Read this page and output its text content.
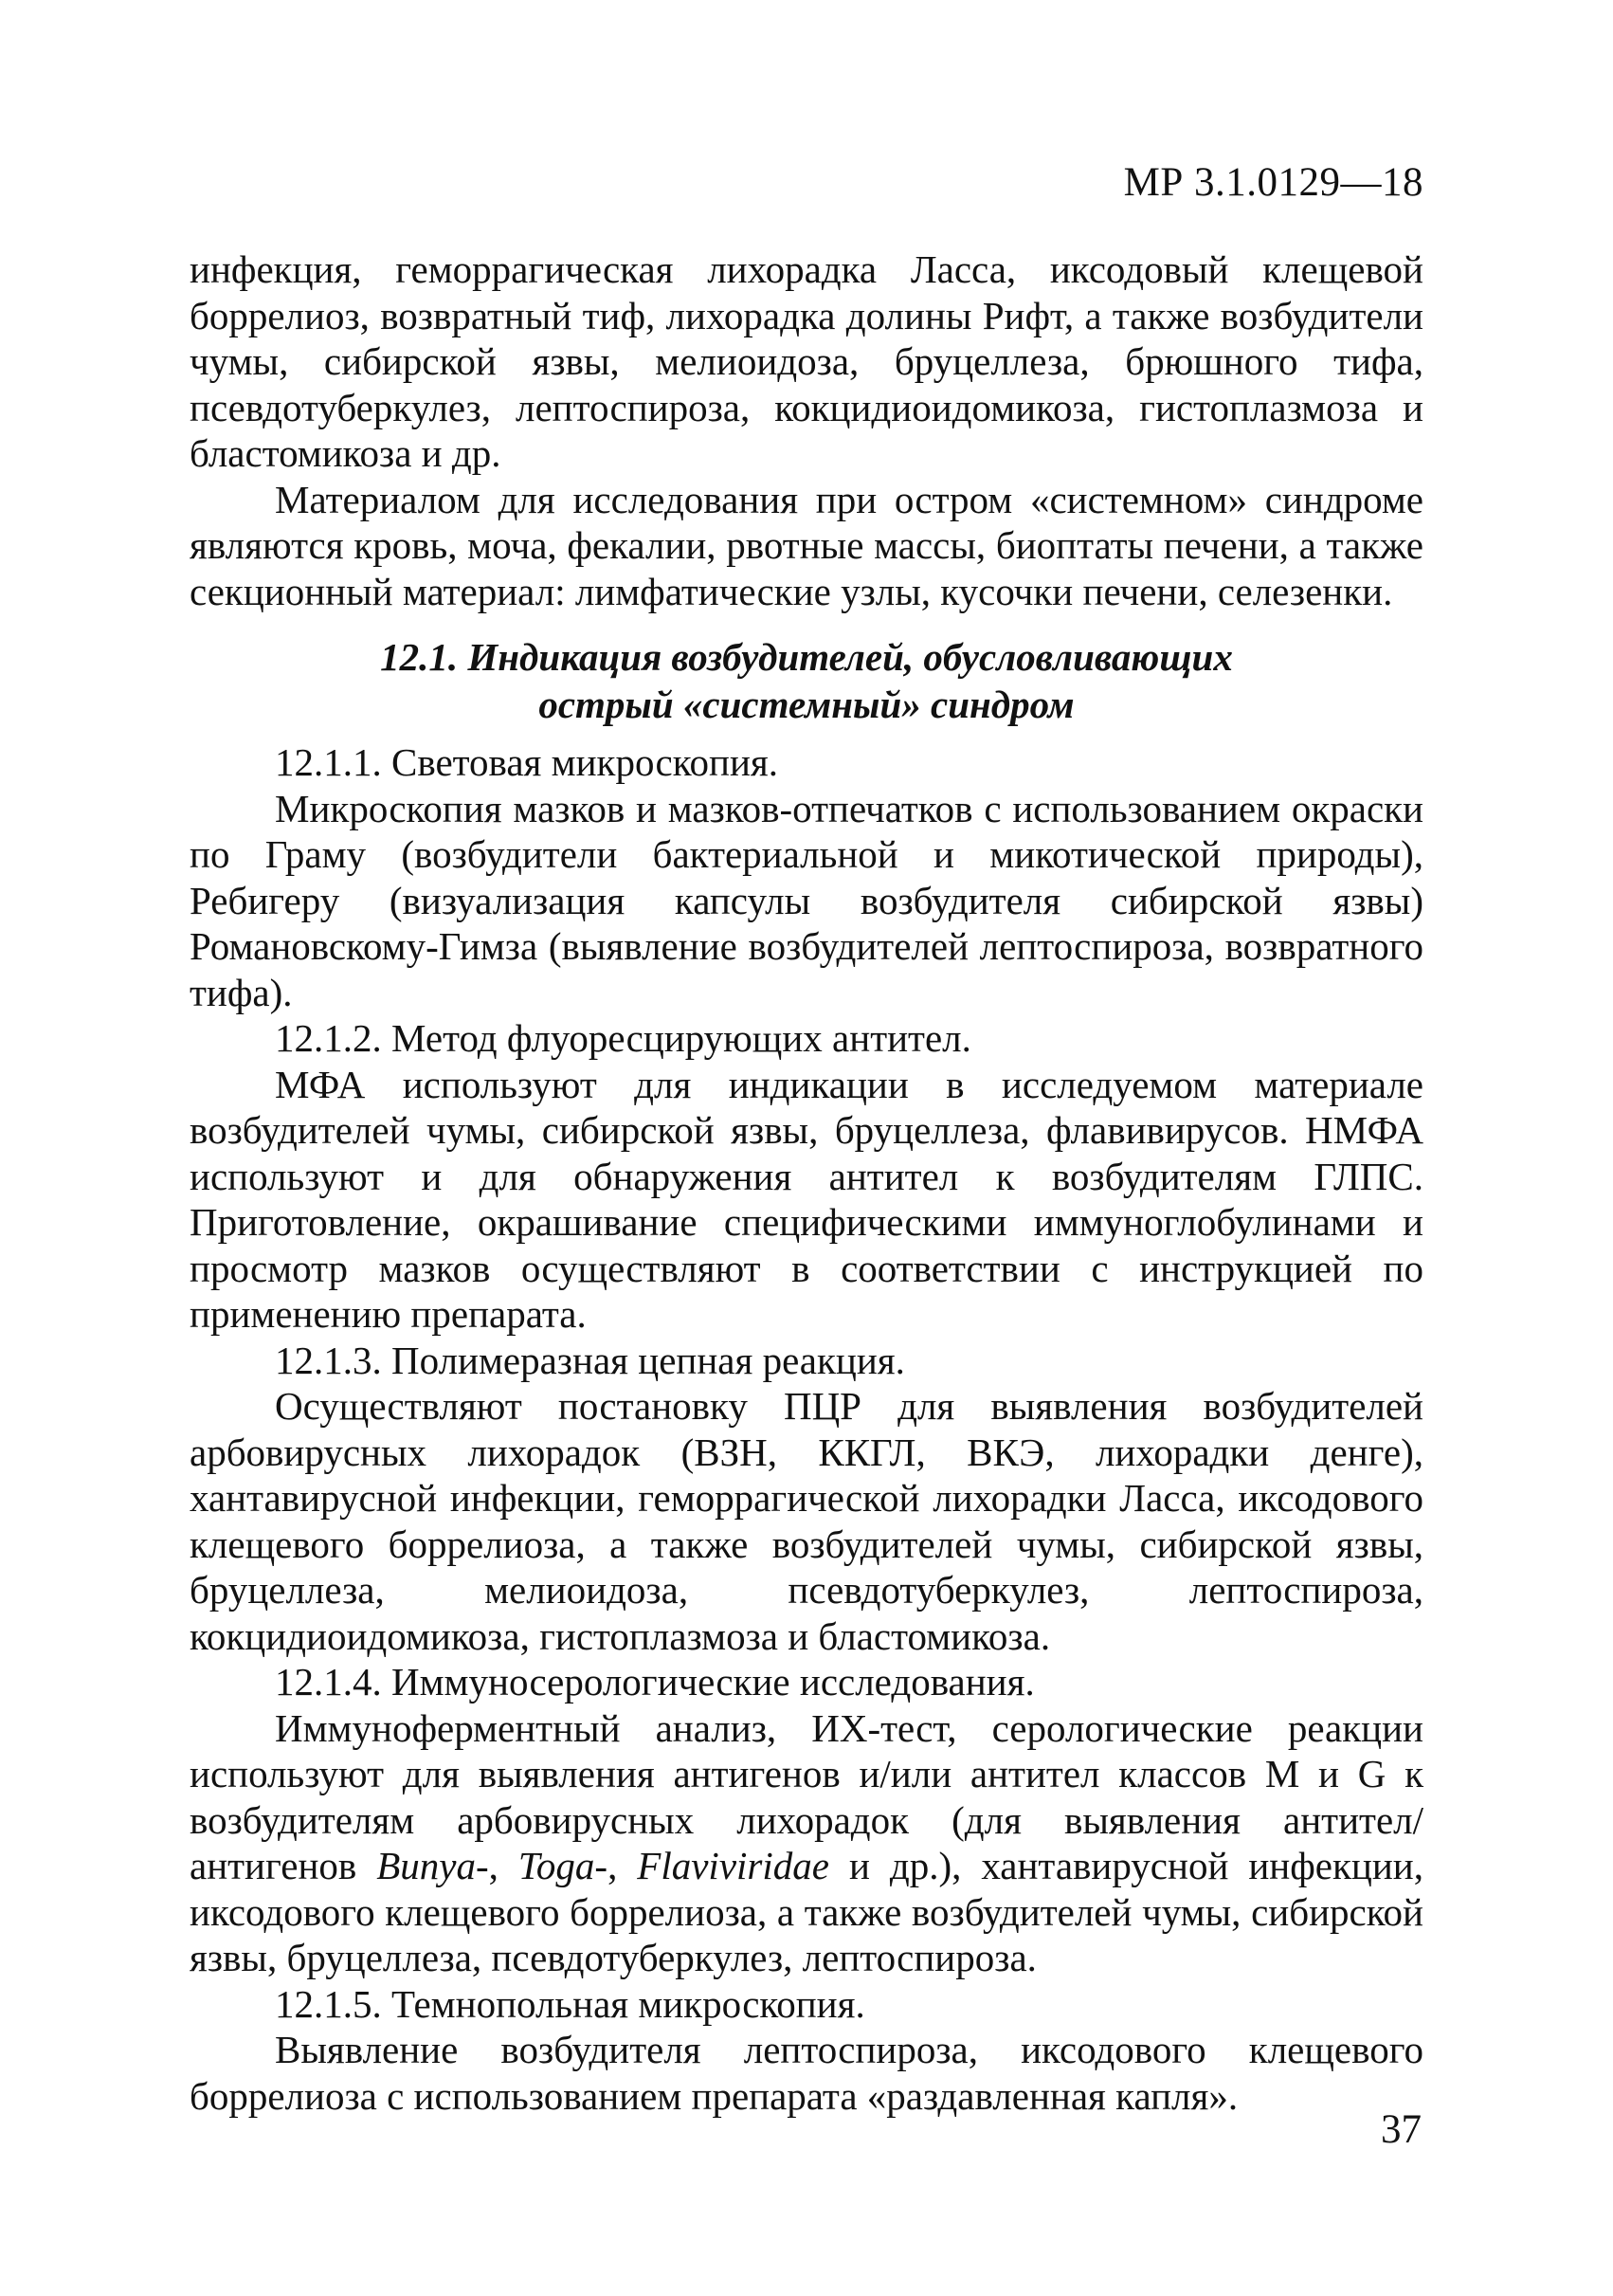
МР 3.1.0129—18

инфекция, геморрагическая лихорадка Ласса, иксодовый клещевой боррелиоз, возвратный тиф, лихорадка долины Рифт, а также возбудители чумы, сибирской язвы, мелиоидоза, бруцеллеза, брюшного тифа, псевдотуберкулез, лептоспироза, кокцидиоидомикоза, гистоплазмоза и бластомикоза и др.

Материалом для исследования при остром «системном» синдроме являются кровь, моча, фекалии, рвотные массы, биоптаты печени, а также секционный материал: лимфатические узлы, кусочки печени, селезенки.

12.1. Индикация возбудителей, обусловливающих
острый «системный» синдром

12.1.1. Световая микроскопия.

Микроскопия мазков и мазков-отпечатков с использованием окраски по Граму (возбудители бактериальной и микотической природы), Ребигеру (визуализация капсулы возбудителя сибирской язвы) Романовскому-Гимза (выявление возбудителей лептоспироза, возвратного тифа).

12.1.2. Метод флуоресцирующих антител.

МФА используют для индикации в исследуемом материале возбудителей чумы, сибирской язвы, бруцеллеза, флавивирусов. НМФА используют и для обнаружения антител к возбудителям ГЛПС. Приготовление, окрашивание специфическими иммуноглобулинами и просмотр мазков осуществляют в соответствии с инструкцией по применению препарата.

12.1.3. Полимеразная цепная реакция.

Осуществляют постановку ПЦР для выявления возбудителей арбовирусных лихорадок (ВЗН, ККГЛ, ВКЭ, лихорадки денге), хантавирусной инфекции, геморрагической лихорадки Ласса, иксодового клещевого боррелиоза, а также возбудителей чумы, сибирской язвы, бруцеллеза, мелиоидоза, псевдотуберкулез, лептоспироза, кокцидиоидомикоза, гистоплазмоза и бластомикоза.

12.1.4. Иммуносерологические исследования.

Иммуноферментный анализ, ИХ-тест, серологические реакции используют для выявления антигенов и/или антител классов М и G к возбудителям арбовирусных лихорадок (для выявления антител/антигенов Bunya-, Toga-, Flaviviridae и др.), хантавирусной инфекции, иксодового клещевого боррелиоза, а также возбудителей чумы, сибирской язвы, бруцеллеза, псевдотуберкулез, лептоспироза.

12.1.5. Темнопольная микроскопия.

Выявление возбудителя лептоспироза, иксодового клещевого боррелиоза с использованием препарата «раздавленная капля».

37
